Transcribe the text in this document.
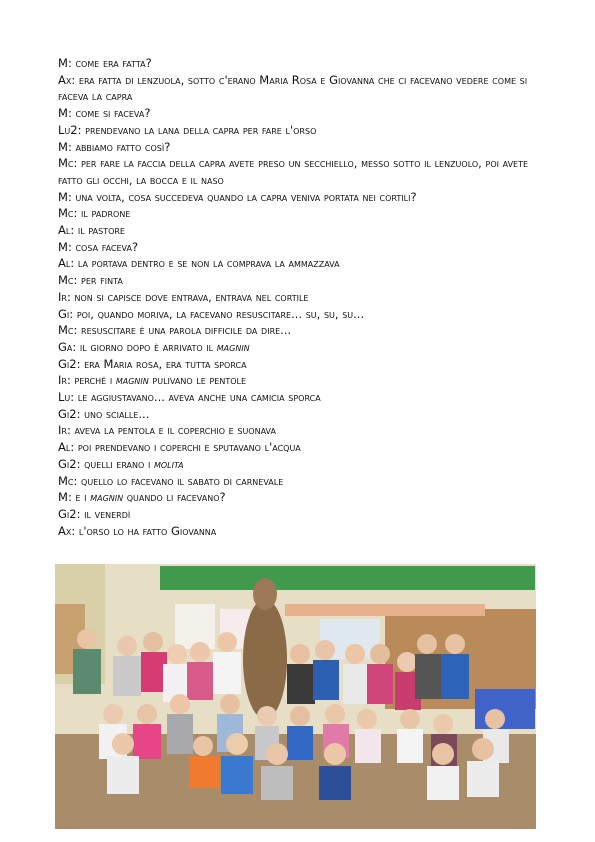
M: come era fatta?
Ax: era fatta di lenzuola, sotto c'erano Maria Rosa e Giovanna che ci facevano vedere come si faceva la capra
M: come si faceva?
Lu2: prendevano la lana della capra per fare l'orso
M: abbiamo fatto così?
Mc: per fare la faccia della capra avete preso un secchiello, messo sotto il lenzuolo, poi avete fatto gli occhi, la bocca e il naso
M: una volta, cosa succedeva quando la capra veniva portata nei cortili?
Mc: il padrone
Al: il pastore
M: cosa faceva?
Al: la portava dentro e se non la comprava la ammazzava
Mc: per finta
Ir: non si capisce dove entrava, entrava nel cortile
Gi: poi, quando moriva, la facevano resuscitare... su, su, su...
Mc: resuscitare è una parola difficile da dire...
Ga: il giorno dopo è arrivato il magnin
Gi2: era Maria rosa, era tutta sporca
Ir: perché i magnin pulivano le pentole
Lu: le aggiustavano... aveva anche una camicia sporca
Gi2: uno scialle...
Ir: aveva la pentola e il coperchio e suonava
Al: poi prendevano i coperchi e sputavano l'acqua
Gi2: quelli erano i molita
Mc: quello lo facevano il sabato di carnevale
M: e i magnin quando li facevano?
Gi2: il venerdì
Ax: l'orso lo ha fatto Giovanna
